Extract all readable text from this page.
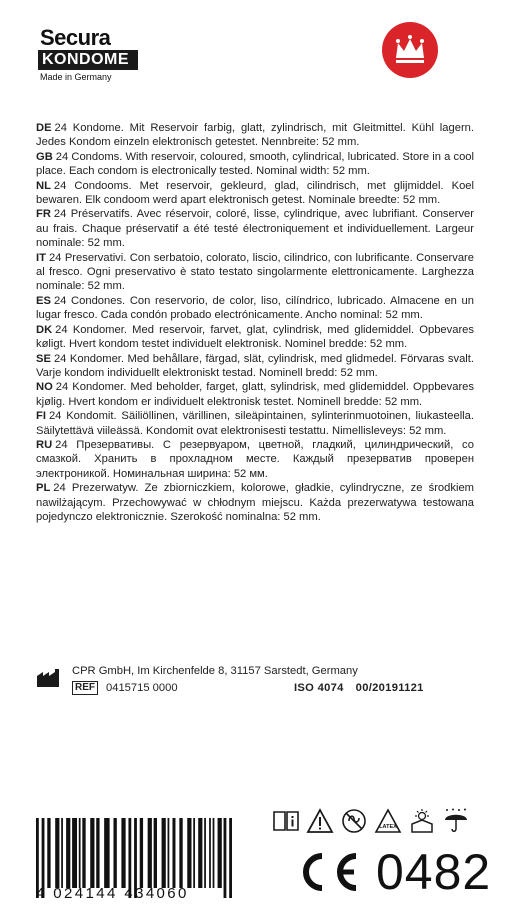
Secura
KONDOME
Made in Germany

DE 24 Kondome. Mit Reservoir farbig, glatt, zylindrisch, mit Gleitmittel. Kühl lagern. Jedes Kondom einzeln elektronisch getestet. Nennbreite: 52 mm.

GB 24 Condoms. With reservoir, coloured, smooth, cylindrical, lubricated. Store in a cool place. Each condom is electronically tested. Nominal width: 52 mm.

NL 24 Condooms. Met reservoir, gekleurd, glad, cilindrisch, met glijmiddel. Koel bewaren. Elk condoom werd apart elektronisch getest. Nominale breedte: 52 mm.

FR 24 Préservatifs. Avec réservoir, coloré, lisse, cylindrique, avec lubrifiant. Conserver au frais. Chaque préservatif a été testé électroniquement et individuellement. Largeur nominale: 52 mm.

IT 24 Preservativi. Con serbatoio, colorato, liscio, cilindrico, con lubrificante. Conservare al fresco. Ogni preservativo è stato testato singolarmente elettronicamente. Larghezza nominale: 52 mm.

ES 24 Condones. Con reservorio, de color, liso, cilíndrico, lubricado. Almacene en un lugar fresco. Cada condón probado electrónicamente. Ancho nominal: 52 mm.

DK 24 Kondomer. Med reservoir, farvet, glat, cylindrisk, med glidemiddel. Opbevares køligt. Hvert kondom testet individuelt elektronisk. Nominel bredde: 52 mm.

SE 24 Kondomer. Med behållare, färgad, slät, cylindrisk, med glidmedel. Förvaras svalt. Varje kondom individuellt elektroniskt testad. Nominell bredd: 52 mm.

NO 24 Kondomer. Med beholder, farget, glatt, sylindrisk, med glidemiddel. Oppbevares kjølig. Hvert kondom er individuelt elektronisk testet. Nominell bredde: 52 mm.

FI 24 Kondomit. Säiliöllinen, värillinen, sileäpintainen, sylinterinmuotoinen, liukasteella. Säilytettävä viileässä. Kondomit ovat elektronisesti testattu. Nimellisleveys: 52 mm.

RU 24 Презервативы. С резервуаром, цветной, гладкий, цилиндрический, со смазкой. Хранить в прохладном месте. Каждый презерватив проверен электроникой. Номинальная ширина: 52 мм.

PL 24 Prezerwatyw. Ze zbiorniczkiem, kolorowe, gładkie, cylindryczne, ze środkiem nawilżającym. Przechowywać w chłodnym miejscu. Każda prezerwatywa testowana pojedynczo elektronicznie. Szerokość nominalna: 52 mm.

CPR GmbH, Im Kirchenfelde 8, 31157 Sarstedt, Germany
REF 0415715 0000	ISO 4074 00/20191121
4 024144 434060
LATEX
0482
